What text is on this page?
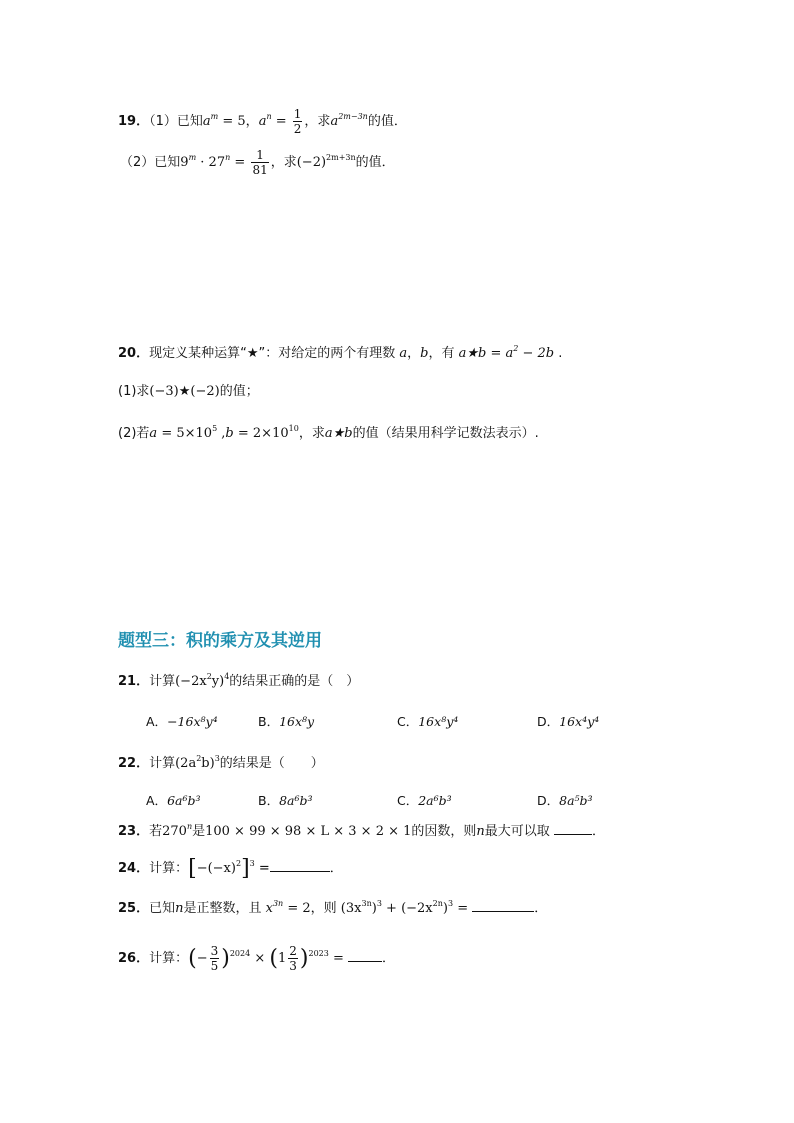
19．（1）已知$a^m = 5$，$a^n = \frac{1}{2}$ ，求$a^{2m-3n}$的值．
（2）已知$9^m \cdot 27^n = \frac{1}{81}$ ，求$(-2)^{2m+3n}$的值．
20．现定义某种运算“★”：对给定的两个有理数 a，b，有 a★b = $a^2 - 2b$ .
(1)求(−3)★(−2)的值；
(2)若$a = 5\times 10^5$ $,b = 2\times 10^{10}$，求a★b的值（结果用科学记数法表示）.
题型三：积的乘方及其逆用
21．计算$(-2x^2y)^4$的结果正确的是（　）
A．−16x⁸y⁴	B．16x⁸y	C．16x⁸y⁴	D．16x⁴y⁴
22．计算$(2a^2b)^3$的结果是（　　）
A．6a⁶b³	B．8a⁶b³	C．2a⁶b³	D．8a⁵b³
23．若270$^n$是100 × 99 × 98 × L × 3 × 2 × 1的因数，则n最大可以取	．
24．计算：$[-(-x)^2]^3$ =	．
25．已知n是正整数，且 $x^{3n} = 2$，则 $(3x^{3n})^3 + (-2x^{2n})^3$ =	．
26．计算：(− $\frac{3}{5} )^{2024} \times (1 \frac{2}{3} )^{2023}$ =	．
